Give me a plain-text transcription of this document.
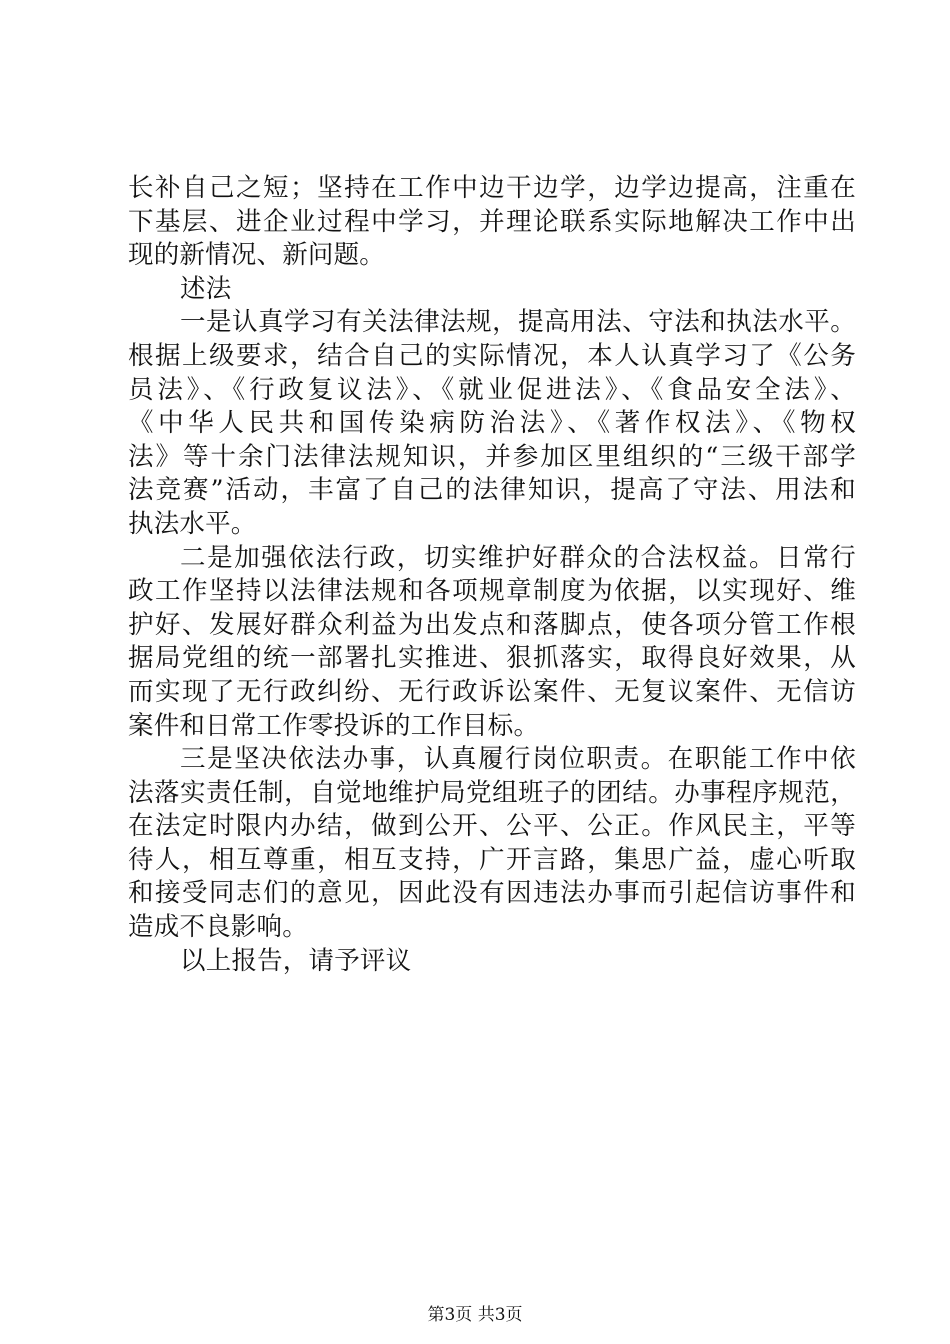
长补自己之短；坚持在工作中边干边学，边学边提高，注重在
下基层、进企业过程中学习，并理论联系实际地解决工作中出
现的新情况、新问题。
述法
一是认真学习有关法律法规，提高用法、守法和执法水平。
根据上级要求，结合自己的实际情况，本人认真学习了《公务
员法》、《行政复议法》、《就业促进法》、《食品安全法》、
《中华人民共和国传染病防治法》、《著作权法》、《物权
法》等十余门法律法规知识，并参加区里组织的“三级干部学
法竞赛”活动，丰富了自己的法律知识，提高了守法、用法和
执法水平。
二是加强依法行政，切实维护好群众的合法权益。日常行
政工作坚持以法律法规和各项规章制度为依据，以实现好、维
护好、发展好群众利益为出发点和落脚点，使各项分管工作根
据局党组的统一部署扎实推进、狠抓落实，取得良好效果，从
而实现了无行政纠纷、无行政诉讼案件、无复议案件、无信访
案件和日常工作零投诉的工作目标。
三是坚决依法办事，认真履行岗位职责。在职能工作中依
法落实责任制，自觉地维护局党组班子的团结。办事程序规范，
在法定时限内办结，做到公开、公平、公正。作风民主，平等
待人，相互尊重，相互支持，广开言路，集思广益，虚心听取
和接受同志们的意见，因此没有因违法办事而引起信访事件和
造成不良影响。
以上报告，请予评议
第3页 共3页
